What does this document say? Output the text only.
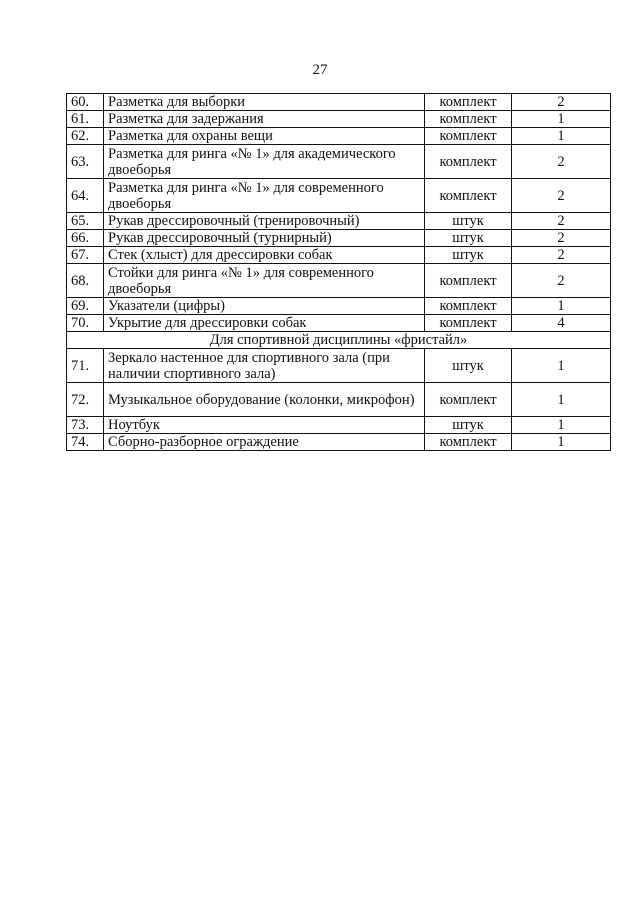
27
60.	Разметка для выборки	комплект	2
61.	Разметка для задержания	комплект	1
62.	Разметка для охраны вещи	комплект	1
63.	Разметка для ринга «№ 1» для академического двоеборья	комплект	2
64.	Разметка для ринга «№ 1» для современного двоеборья	комплект	2
65.	Рукав дрессировочный (тренировочный)	штук	2
66.	Рукав дрессировочный (турнирный)	штук	2
67.	Стек (хлыст) для дрессировки собак	штук	2
68.	Стойки для ринга «№ 1» для современного двоеборья	комплект	2
69.	Указатели (цифры)	комплект	1
70.	Укрытие для дрессировки собак	комплект	4
Для спортивной дисциплины «фристайл»			
71.	Зеркало настенное для спортивного зала (при наличии спортивного зала)	штук	1
72.	Музыкальное оборудование (колонки, микрофон)	комплект	1
73.	Ноутбук	штук	1
74.	Сборно-разборное ограждение	комплект	1
